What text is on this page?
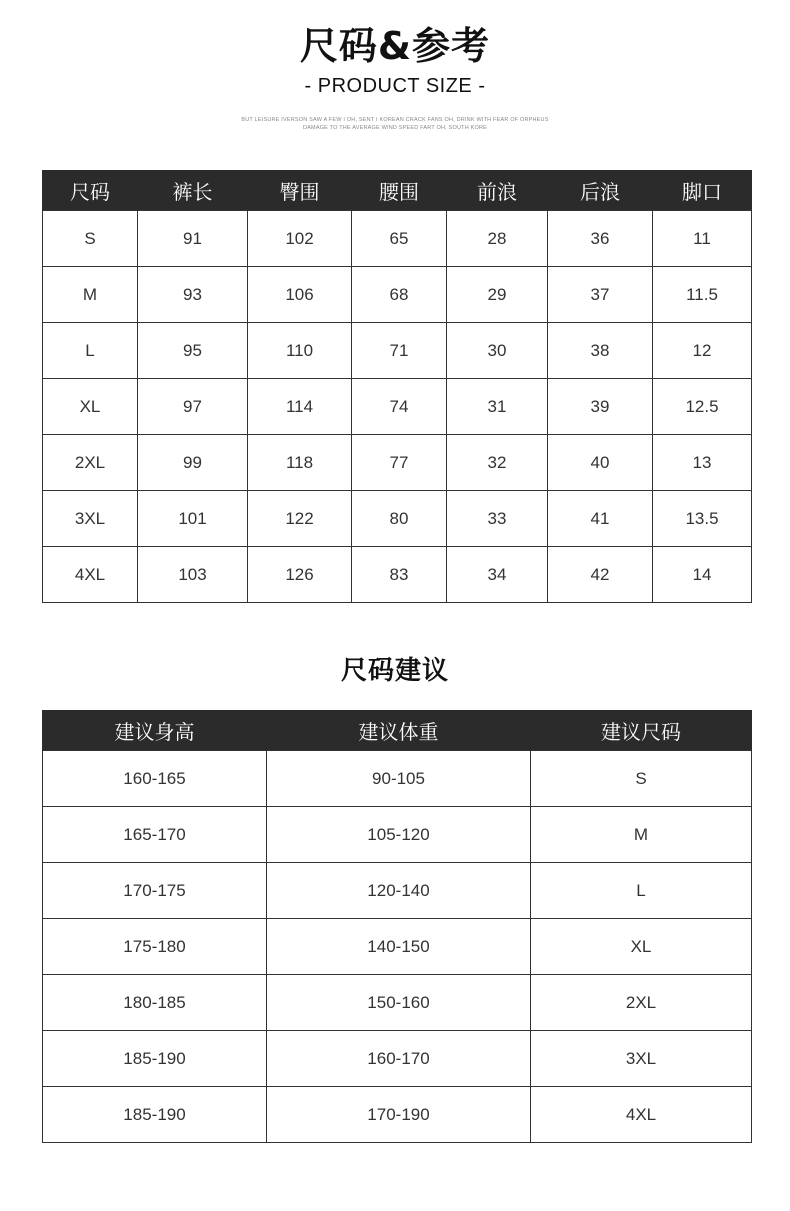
尺码&参考
- PRODUCT SIZE -
BUT LEISURE IVERSON SAW A FEW I OH, SENT I KOREAN CRACK FANS OH, DRINK WITH FEAR OF ORPHEUS
DAMAGE TO THE AVERAGE WIND SPEED FART OH, SOUTH KORE
尺码	裤长	臀围	腰围	前浪	后浪	脚口
S	91	102	65	28	36	11
M	93	106	68	29	37	11.5
L	95	110	71	30	38	12
XL	97	114	74	31	39	12.5
2XL	99	118	77	32	40	13
3XL	101	122	80	33	41	13.5
4XL	103	126	83	34	42	14
尺码建议
建议身高	建议体重	建议尺码
160-165	90-105	S
165-170	105-120	M
170-175	120-140	L
175-180	140-150	XL
180-185	150-160	2XL
185-190	160-170	3XL
185-190	170-190	4XL
